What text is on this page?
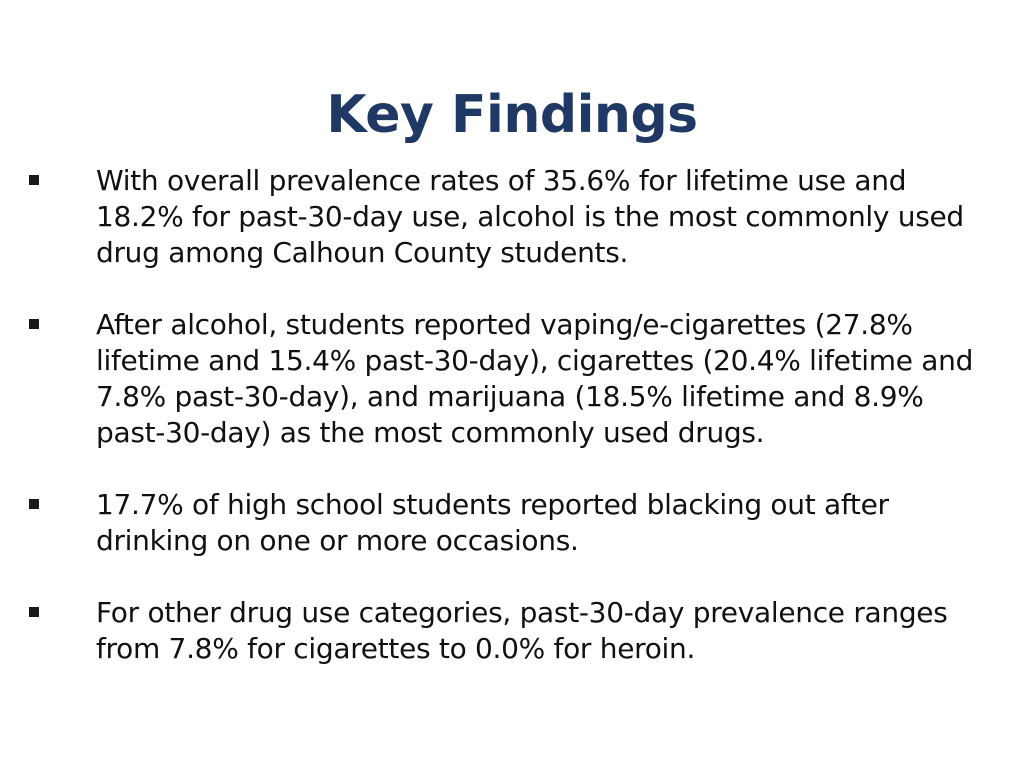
Key Findings
With overall prevalence rates of 35.6% for lifetime use and 18.2% for past-30-day use, alcohol is the most commonly used drug among Calhoun County students.
After alcohol, students reported vaping/e-cigarettes (27.8% lifetime and 15.4% past-30-day), cigarettes (20.4% lifetime and 7.8% past-30-day), and marijuana (18.5% lifetime and 8.9% past-30-day) as the most commonly used drugs.
17.7% of high school students reported blacking out after drinking on one or more occasions.
For other drug use categories, past-30-day prevalence ranges from 7.8% for cigarettes to 0.0% for heroin.
